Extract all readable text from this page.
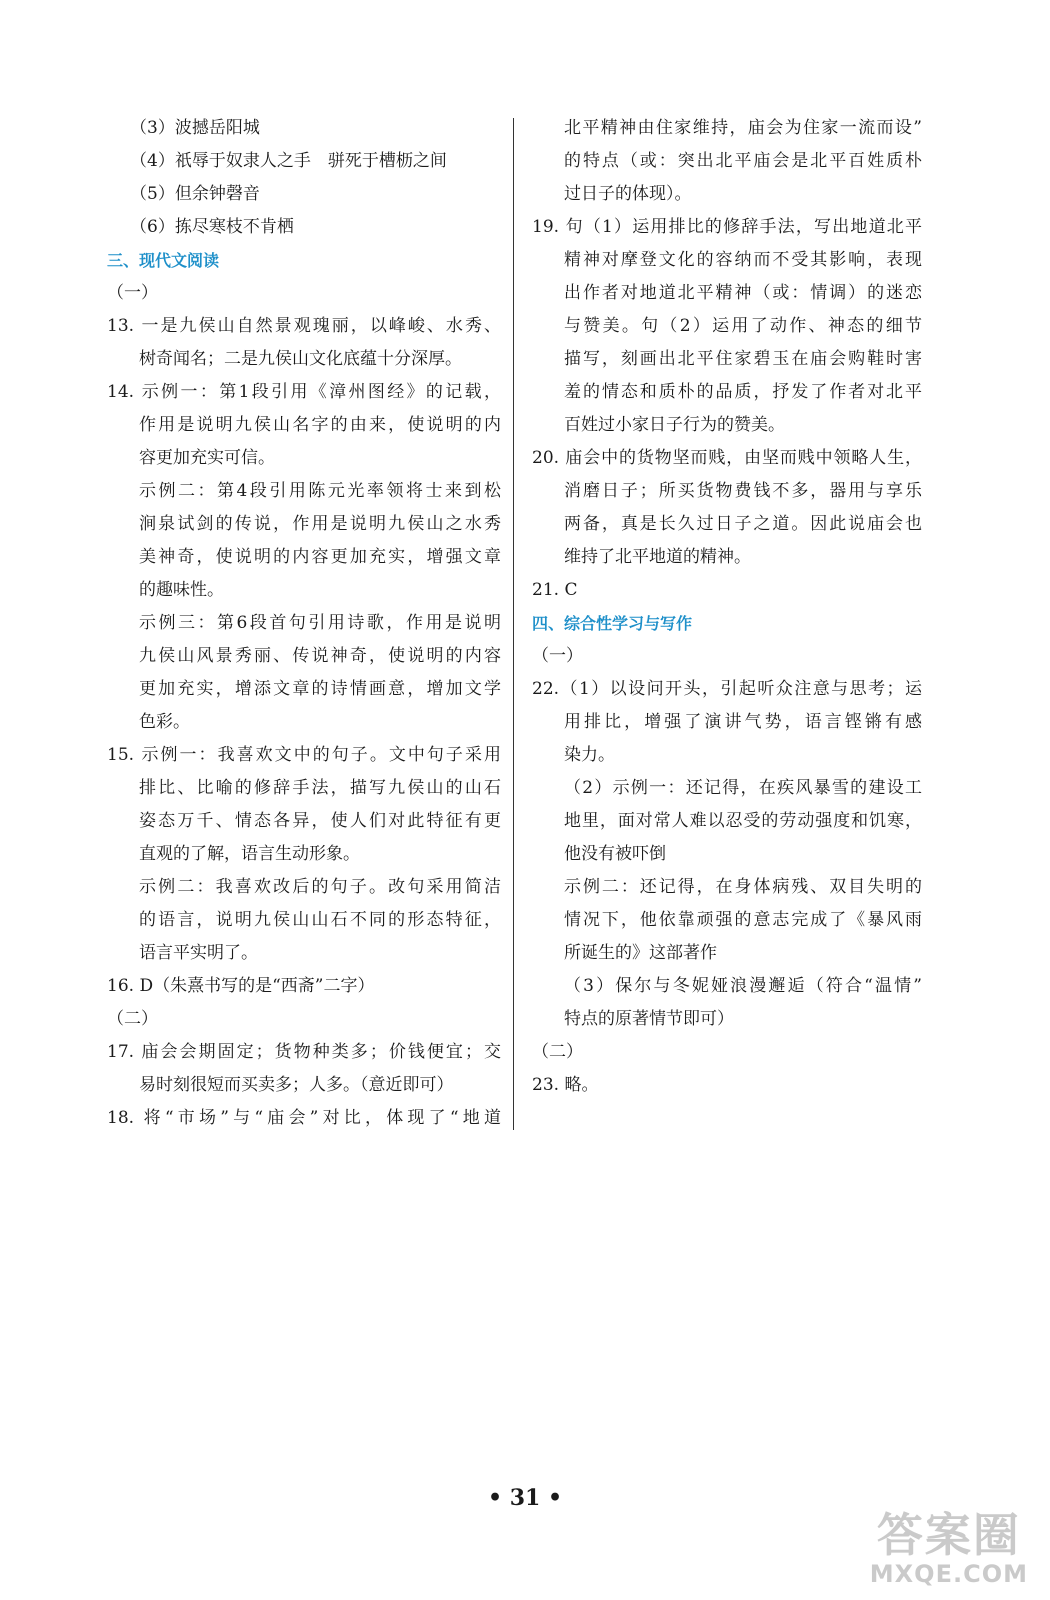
（3）波撼岳阳城
（4）祇辱于奴隶人之手　骈死于槽枥之间
（5）但余钟磬音
（6）拣尽寒枝不肯栖
三、现代文阅读
（一）
13. 一是九侯山自然景观瑰丽，以峰峻、水秀、
树奇闻名；二是九侯山文化底蕴十分深厚。
14. 示例一：第1段引用《漳州图经》的记载，
作用是说明九侯山名字的由来，使说明的内
容更加充实可信。
示例二：第4段引用陈元光率领将士来到松
涧泉试剑的传说，作用是说明九侯山之水秀
美神奇，使说明的内容更加充实，增强文章
的趣味性。
示例三：第6段首句引用诗歌，作用是说明
九侯山风景秀丽、传说神奇，使说明的内容
更加充实，增添文章的诗情画意，增加文学
色彩。
15. 示例一：我喜欢文中的句子。文中句子采用
排比、比喻的修辞手法，描写九侯山的山石
姿态万千、情态各异，使人们对此特征有更
直观的了解，语言生动形象。
示例二：我喜欢改后的句子。改句采用简洁
的语言，说明九侯山山石不同的形态特征，
语言平实明了。
16. D（朱熹书写的是“西斋”二字）
（二）
17. 庙会会期固定；货物种类多；价钱便宜；交
易时刻很短而买卖多；人多。（意近即可）
18. 将“市场”与“庙会”对比，体现了“地道
北平精神由住家维持，庙会为住家一流而设”
的特点（或：突出北平庙会是北平百姓质朴
过日子的体现）。
19. 句（1）运用排比的修辞手法，写出地道北平
精神对摩登文化的容纳而不受其影响，表现
出作者对地道北平精神（或：情调）的迷恋
与赞美。句（2）运用了动作、神态的细节
描写，刻画出北平住家碧玉在庙会购鞋时害
羞的情态和质朴的品质，抒发了作者对北平
百姓过小家日子行为的赞美。
20. 庙会中的货物坚而贱，由坚而贱中领略人生，
消磨日子；所买货物费钱不多，器用与享乐
两备，真是长久过日子之道。因此说庙会也
维持了北平地道的精神。
21. C
四、综合性学习与写作
（一）
22.（1）以设问开头，引起听众注意与思考；运
用排比，增强了演讲气势，语言铿锵有感
染力。
（2）示例一：还记得，在疾风暴雪的建设工
地里，面对常人难以忍受的劳动强度和饥寒，
他没有被吓倒
示例二：还记得，在身体病残、双目失明的
情况下，他依靠顽强的意志完成了《暴风雨
所诞生的》这部著作
（3）保尔与冬妮娅浪漫邂逅（符合“温情”
特点的原著情节即可）
（二）
23. 略。
• 31 •
答案圈
MXQE.COM
